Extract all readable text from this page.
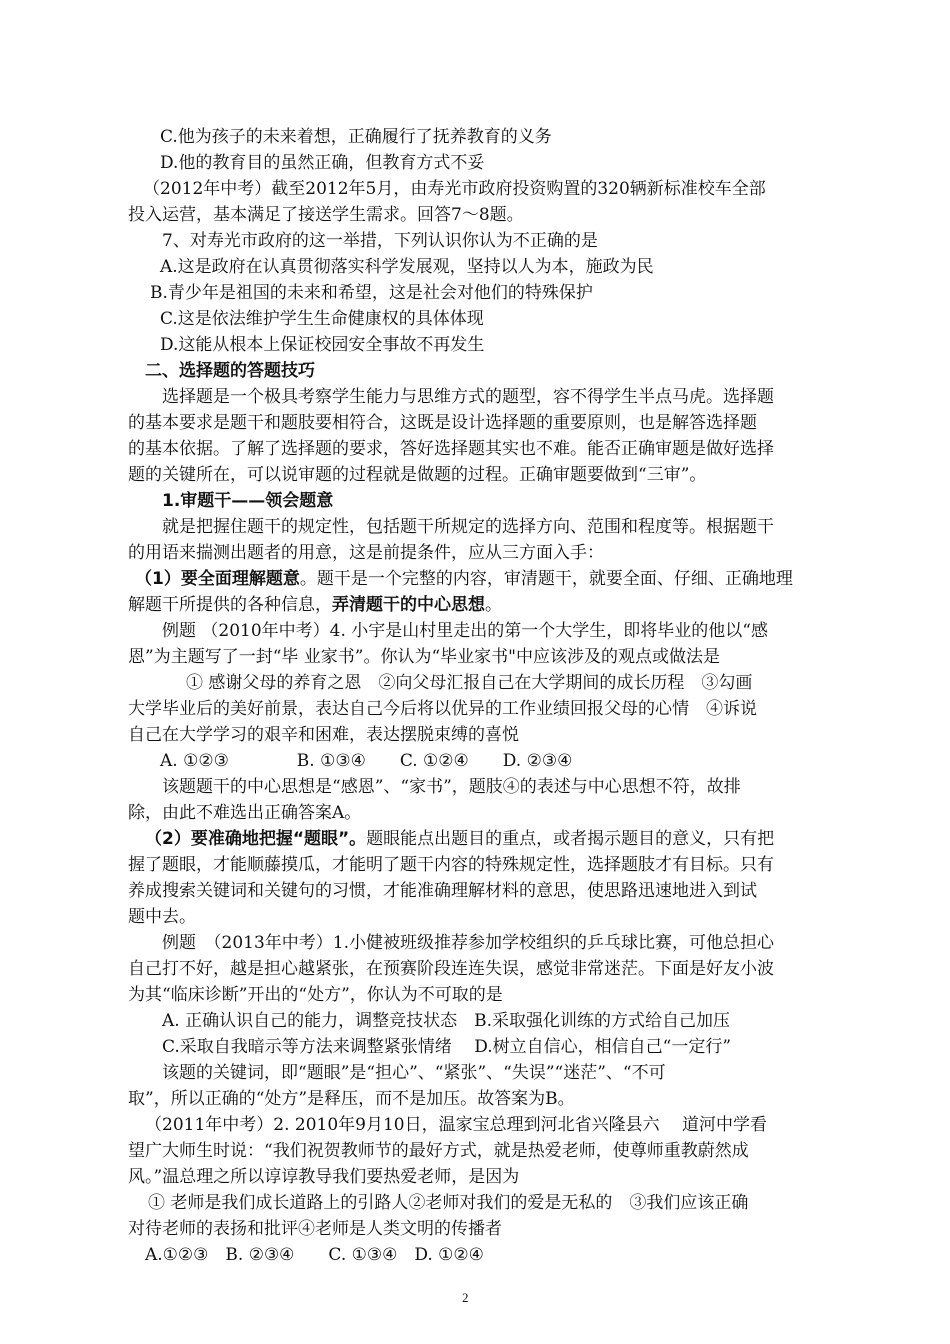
C.他为孩子的未来着想，正确履行了抚养教育的义务
D.他的教育目的虽然正确，但教育方式不妥
（2012年中考）截至2012年5月，由寿光市政府投资购置的320辆新标准校车全部
投入运营，基本满足了接送学生需求。回答7～8题。
7、对寿光市政府的这一举措，下列认识你认为不正确的是
A.这是政府在认真贯彻落实科学发展观，坚持以人为本，施政为民
B.青少年是祖国的未来和希望，这是社会对他们的特殊保护
C.这是依法维护学生生命健康权的具体体现
D.这能从根本上保证校园安全事故不再发生
二、选择题的答题技巧
选择题是一个极具考察学生能力与思维方式的题型，容不得学生半点马虎。选择题
的基本要求是题干和题肢要相符合，这既是设计选择题的重要原则，也是解答选择题
的基本依据。了解了选择题的要求，答好选择题其实也不难。能否正确审题是做好选择
题的关键所在，可以说审题的过程就是做题的过程。正确审题要做到“三审”。
1.审题干——领会题意
就是把握住题干的规定性，包括题干所规定的选择方向、范围和程度等。根据题干
的用语来揣测出题者的用意，这是前提条件，应从三方面入手：
（1）要全面理解题意。题干是一个完整的内容，审清题干，就要全面、仔细、正确地理
解题干所提供的各种信息，弄清题干的中心思想。
例题 （2010年中考）4. 小宇是山村里走出的第一个大学生，即将毕业的他以“感
恩”为主题写了一封“毕 业家书”。你认为“毕业家书"中应该涉及的观点或做法是
① 感谢父母的养育之恩　②向父母汇报自己在大学期间的成长历程　③勾画
大学毕业后的美好前景，表达自己今后将以优异的工作业绩回报父母的心情　④诉说
自己在大学学习的艰辛和困难，表达摆脱束缚的喜悦
A. ①②③　　　　B. ①③④　　C. ①②④　　D. ②③④
该题题干的中心思想是“感恩”、“家书”，题肢④的表述与中心思想不符，故排
除，由此不难选出正确答案A。
（2）要准确地把握“题眼”。题眼能点出题目的重点，或者揭示题目的意义，只有把
握了题眼，才能顺藤摸瓜，才能明了题干内容的特殊规定性，选择题肢才有目标。只有
养成搜索关键词和关键句的习惯，才能准确理解材料的意思，使思路迅速地进入到试
题中去。
例题　（2013年中考）1.小健被班级推荐参加学校组织的乒乓球比赛，可他总担心
自己打不好，越是担心越紧张，在预赛阶段连连失误，感觉非常迷茫。下面是好友小波
为其“临床诊断”开出的“处方”，你认为不可取的是
A. 正确认识自己的能力，调整竞技状态　B.采取强化训练的方式给自己加压
C.采取自我暗示等方法来调整紧张情绪　 D.树立自信心，相信自己“一定行”
该题的关键词，即“题眼”是“担心”、“紧张”、“失误”“迷茫”、“不可
取”，所以正确的“处方”是释压，而不是加压。故答案为B。
（2011年中考）2. 2010年9月10日，温家宝总理到河北省兴隆县六　 道河中学看
望广大师生时说：“我们祝贺教师节的最好方式，就是热爱老师，使尊师重教蔚然成
风。”温总理之所以谆谆教导我们要热爱老师，是因为
① 老师是我们成长道路上的引路人②老师对我们的爱是无私的　③我们应该正确
对待老师的表扬和批评④老师是人类文明的传播者
A.①②③　B. ②③④　　C. ①③④　D. ①②④
2
